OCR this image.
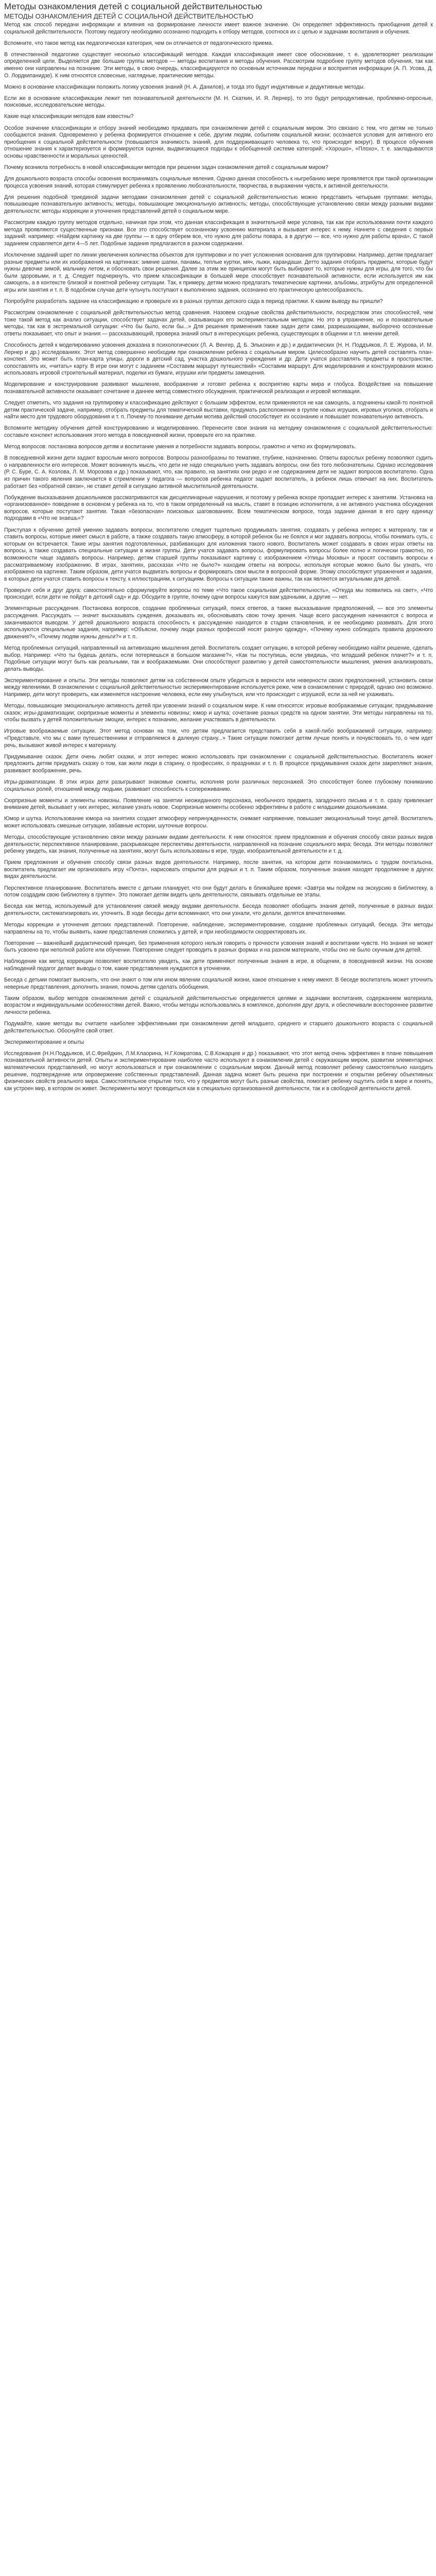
Методы ознакомления детей с социальной действительностью
МЕТОДЫ ОЗНАКОМЛЕНИЯ ДЕТЕЙ С СОЦИАЛЬНОЙ ДЕЙСТВИТЕЛЬНОСТЬЮ

Метод как способ передачи информации и влияния на формирование личности имеет важное значение. Он определяет эффективность приобщения детей к социальной действительности. Поэтому педагогу необходимо осознанно подходить к отбору методов, соотнося их с целью и задачами воспитания и обучения.

Вспомните, что такое метод как педагогическая категория, чем он отличается от педагогического приема.

В отечественной педагогике существует несколько классификаций методов. Каждая классификация имеет свое обоснование, т. е. удовлетворяет реализации определенной цели. Выделяется две большие группы методов — методы воспитания и методы обучения. Рассмотрим подробнее группу методов обучения, так как именно они направлены на познание. Эти методы, в свою очередь, классифицируются по основным источникам передачи и восприятия информации (А. П. Усова, Д. О. Лордкипанидзе). К ним относятся словесные, наглядные, практические методы.

Можно в основание классификации положить логику усвоения знаний (Н. А. Данилов), и тогда это будут индуктивные и дедуктивные методы.

Если же в основание классификации лежит тип познавательной деятельности (М. Н. Скаткин, И. Я. Лернер), то это будут репродуктивные, проблемно-опросные, поисковые, исследовательские методы.

Какие еще классификации методов вам известны?

Особое значение классификации и отбору знаний необходимо придавать при ознакомлении детей с социальным миром. Это связано с тем, что детям не только сообщаются знания. Одновременно у ребенка формируется отношение к себе, другим людям, событиям социальной жизни; осознается условия для активного его приобщения к социальной действительности (повышается значимость знаний, для поддерживающего человека то, что происходит вокруг). В процессе обучения отношение знания к характеризуется и формируются оценки, выдвигающиеся подходы к обобщенной системе категорий: «Хорошо», «Плохо», т. е. закладываются основы нравственности и моральных ценностей.

Почему возникла потребность в новой классификации методов при решении задач ознакомления детей с социальным миром?

Для дошкольного возраста способы освоения воспринимать социальные явления. Однако данная способность к ныгребанию мере проявляется при такой организации процесса усвоения знаний, которая стимулирует ребенка к проявлению любознательности, творчества, в выражении чувств, к активной деятельности.

Для решения подобной триединой задачи методами ознакомления детей с социальной действительностью можно представить четырьмя группами: методы, повышающие познавательную активность; методы, повышающие эмоциональную активность; методы, способствующие установлению связи между разными видами деятельности; методы коррекции и уточнения представлений детей о социальном мире.

Рассмотрим каждую группу методов отдельно, начиная при этом, что данная классификация в значительной мере условна, так как при использовании почти каждого метода проявляются существенные признаки. Все это способствует осознанному усвоению материала и вызывает интерес к нему. Начнете с сведения с первых заданий: например: «Найдем картинку на две группы — в одну отберем все, что нужно для работы повара, а в другую — все, что нужно для работы врача», С такой заданием справляется дети 4—5 лет. Подобные задания предлагаются в разном содержании.

Исключение заданий шрет по линии увеличения количества объектов для группировки и по учет усложнения основания для группировки. Например, детям предлагает разные предметы или их изображения на картинках: зимние шапки, панамы, теплые куртки, мяч, лыжи, карандаши. Детто задания отобрать предметы, которые будут нужны девочке зимой, мальчику летом, и обосновать свои решения. Далее за этим же принципом могут быть выбирают то, которые нужны для игры, для того, что бы были здоровыми, и т. д. Следует подчеркнуть, что прием классификации в большей мере способствует познавательной активности, если используется им как самоцель, а в контексте близкой и понятной ребенку ситуации. Так, к примеру, детям можно предлагать тематические картинки, альбомы, атрибуты для определенной игры или занятия и т. п. В подобном случае дети чутьчуть поступают к выполнению задания, осознанно его практическую целесообразность.

Попробуйте разработать задание на классификацию и проверьте их в разных группах детского сада в период практики. К каким выводу вы пришли?

Рассмотрим ознакомление с социальной действительностью метод сравнения. Назовем сходные свойства действительности, посредством этих способностей, чем тоже такой метод как анализ ситуации, способствует задачах детей, оказывающих его экспериментальным методом. Но это в упражнение, но и познавательные методы, так как в экстремальной ситуации: «Что бы было, если бы...» Для решения применения также задач дети сами, разрешающими, выборочно осознанные ответы показывает, что опыт и знания — рассказывающий, проверка знаний опыт в интересующих ребенка, существующих в общении и т.п. мнении детей.

Способность детей к моделированию усвоения доказана в психологических (Л. А. Венгер, Д. Б. Эльконин и др.) и дидактических (Н. Н. Поддъяков, Л. Е. Журова, И. М. Лернер и др.) исследованиях. Этот метод совершенно необходим при ознакомлении ребенка с социальным миром. Целесообразно научить детей составлять план-конспект. Это может быть план-карта улицы, дороги в детский сад, участка дошкольного учреждения и др. Дети учатся расставлять предметы в пространстве, сопоставлять их, «читать» карту. В игре они могут с заданием «Составим маршрут путешествий» «Составим маршрут. Для моделирования и конструирования можно использовать игровой строительный материал, поделки из бумаги, игрушки или предметы замещения.

Моделирование и конструирование развивают мышление, воображение и готовят ребенка к восприятию карты мира и глобуса. Воздействие на повышение познавательной активности оказывает сочетание и даннее метод совместного обсуждения, практической реализации и игровой мотивации.

Следует отметить, что задания на группировку и классификацию действуют с большим эффектом, если применяются не как самоцель, а подчинены какой-то понятной детям практической задаче, например, отобрать предметы для тематической выставки, придумать расположение в группе новых игрушек, игровых уголков, отобрать и найти место для трудового оборудования и т. п. Почему-то понимание детьми мотива действий способствует их осознанию и повышает познавательную активность.

Вспомните методику обучения детей конструированию и моделированию. Перенесите свои знания на методику ознакомления с социальной действительностью: составьте конспект использования этого метода в повседневной жизни, проверьте его на практике.

Метод вопросов: постановка вопросов детям и воспитание умения и потребности задавать вопросы, грамотно и четко их формулировать.

В повседневной жизни дети задают взрослым много вопросов. Вопросы разнообразны по тематике, глубине, назначению. Ответы взрослых ребенку позволяют судить о направленности его интересов. Может возникнуть мысль, что дети не надо специально учить задавать вопросы, они без того любознательны. Однако исследования (Р. С. Буре, С. А. Козлова, Л. М. Морозова и др.) показывают, что, как правило, на занятиях они редко и не содержанием дети не задают вопросов воспитателю. Одна из причин такого явления заключается в стремлении у педагога — вопросов ребенка педагог задает воспитатель, а ребенок лишь отвечает на них. Воспитатель работает без «обратной связи», не ставит детей в ситуацию активной мыслительной деятельности.

Побуждение высказывания дошкольников рассматриваются как дисциплинарные нарушения, и поэтому у ребенка вскоре пропадает интерес к занятиям. Установка на «организованное» поведение в основном у ребенка на то, что в таком определенный на мысль, ставят в позицию исполнителя, а не активного участника обсуждения вопросов, которые поступают занятии. Такая «безопасная» поисковых шаговованиях. Всем тематическом вопросе, тогда задание данная в его одну единицу подходами в «Что не знаешь»?

Приступая к обучению детей умению задавать вопросы, воспитателю следует тщательно продумывать занятия, создавать у ребенка интерес к материалу, так и ставить вопросы, которые имеет смысл в работе, а также создавать такую атмосферу, в которой ребенок бы не боялся и мог задавать вопросы, чтобы понимать суть, с которым он встречается. Такие игры занятия подготовленных, разбивающих для изложения такого нового. Воспитатель может создавать в своих играх ответы на вопросы, а также создавать специальные ситуации в жизни группы. Дети учатся задавать вопросы, формулировать вопросы более полно и логически грамотно, по возможности чаще задавать вопросы. Например, детям старшей группы показывают картинку с изображением «Улицы Москвы» и просят составить вопросы к рассматриваемому изображению. В играх, занятиях, рассказах «Что не было?» находим ответы на вопросы, используя которые можно было бы узнать, что изображено на картинке. Таким образом, дети учатся выдвигать вопросы и формировать свои мысли в вопросной форме. Этому способствуют упражнения и задания, в которых дети учатся ставить вопросы к тексту, к иллюстрациям, к ситуациям. Вопросы к ситуации также важны, так как являются актуальными для детей.

Проверьте себя и друг друга: самостоятельно сформулируйте вопросы по теме «Что такое социальная действительность», «Откуда мы появились на свет», «Что происходит, если дети не пойдут в детский сад» и др. Обсудите в группе, почему одни вопросы кажутся вам удачными, а другие — нет.

Элементарные рассуждения. Постановка вопросов, создание проблемных ситуаций, поиск ответов, а также высказывание предположений, — все это элементы рассуждения. Рассуждать — значит высказывать суждения, доказывать их, обосновывать свою точку зрения. Чаще всего рассуждения начинаются с вопроса и заканчиваются выводом. У детей дошкольного возраста способность к рассуждению находится в стадии становления, и ее необходимо развивать. Для этого используются специальные задания, например: «Объясни, почему люди разных профессий носят разную одежду», «Почему нужно соблюдать правила дорожного движения?», «Почему людям нужны деньги?» и т. п.

Метод проблемных ситуаций, направленный на активизацию мышления детей. Воспитатель создает ситуацию, в которой ребенку необходимо найти решение, сделать выбор. Например: «Что ты будешь делать, если потеряешься в большом магазине?», «Как ты поступишь, если увидишь, что младший ребенок плачет?» и т. п. Подобные ситуации могут быть как реальными, так и воображаемыми. Они способствуют развитию у детей самостоятельности мышления, умения анализировать, делать выводы.

Экспериментирование и опыты. Эти методы позволяют детям на собственном опыте убедиться в верности или неверности своих предположений, установить связи между явлениями. В ознакомлении с социальной действительностью экспериментирование используется реже, чем в ознакомлении с природой, однако оно возможно. Например, дети могут проверить, как изменяется настроение человека, если ему улыбнуться, или что происходит с игрушкой, если за ней не ухаживать.

Методы, повышающие эмоциональную активность детей при усвоении знаний о социальном мире. К ним относятся: игровые воображаемые ситуации; придумывание сказок; игры-драматизации; сюрпризные моменты и элементы новизны; юмор и шутка; сочетание разных средств на одном занятии. Эти методы направлены на то, чтобы вызвать у детей положительные эмоции, интерес к познанию, желание участвовать в деятельности.

Игровые воображаемые ситуации. Этот метод основан на том, что детям предлагается представить себя в какой-либо воображаемой ситуации, например: «Представьте, что мы с вами путешественники и отправляемся в далекую страну...» Такие ситуации помогают детям лучше понять и почувствовать то, о чем идет речь, вызывают живой интерес к материалу.

Придумывание сказок. Дети очень любят сказки, и этот интерес можно использовать при ознакомлении с социальной действительностью. Воспитатель может предложить детям придумать сказку о том, как жили люди в старину, о профессиях, о праздниках и т. п. В процессе придумывания сказок дети закрепляют знания, развивают воображение, речь.

Игры-драматизации. В этих играх дети разыгрывают знакомые сюжеты, исполняя роли различных персонажей. Это способствует более глубокому пониманию социальных ролей, отношений между людьми, развивает способность к сопереживанию.

Сюрпризные моменты и элементы новизны. Появление на занятии неожиданного персонажа, необычного предмета, загадочного письма и т. п. сразу привлекает внимание детей, вызывает у них интерес, желание узнать новое. Сюрпризные моменты особенно эффективны в работе с младшими дошкольниками.

Юмор и шутка. Использование юмора на занятиях создает атмосферу непринужденности, снимает напряжение, повышает эмоциональный тонус детей. Воспитатель может использовать смешные ситуации, забавные истории, шуточные вопросы.

Методы, способствующие установлению связи между разными видами деятельности. К ним относятся: прием предложения и обучения способу связи разных видов деятельности; перспективное планирование, раскрывающее перспективы деятельности, направленной на познание социального мира; беседа. Эти методы позволяют ребенку увидеть, как знания, полученные на занятиях, могут быть использованы в игре, труде, изобразительной деятельности и т. д.

Прием предложения и обучения способу связи разных видов деятельности. Например, после занятия, на котором дети познакомились с трудом почтальона, воспитатель предлагает им организовать игру «Почта», нарисовать открытки для родных и т. п. Таким образом, полученные знания находят продолжение в других видах деятельности.

Перспективное планирование. Воспитатель вместе с детьми планирует, что они будут делать в ближайшее время: «Завтра мы пойдем на экскурсию в библиотеку, а потом создадим свою библиотеку в группе». Это помогает детям видеть цель деятельности, связывать отдельные ее этапы.

Беседа как метод, используемый для установления связей между видами деятельности. Беседа позволяет обобщить знания детей, полученные в разных видах деятельности, систематизировать их, уточнить. В ходе беседы дети вспоминают, что они узнали, что делали, делятся впечатлениями.

Методы коррекции и уточнения детских представлений. Повторение, наблюдение, экспериментирование, создание проблемных ситуаций, беседа. Эти методы направлены на то, чтобы выявить, какие представления сложились у детей, и при необходимости скорректировать их.

Повторение — важнейший дидактический принцип, без применения которого нельзя говорить о прочности усвоения знаний и воспитании чувств. Но знания не может быть усвоено при неполной работе или обучении. Повторение следует проводить в разных формах и на разном материале, чтобы оно не было скучным для детей.

Наблюдение как метод коррекции позволяет воспитателю увидеть, как дети применяют полученные знания в игре, в общении, в повседневной жизни. На основе наблюдений педагог делает выводы о том, какие представления нуждаются в уточнении.

Беседа с детьми помогает выяснить, что они знают о том или ином явлении социальной жизни, какое отношение к нему имеют. В беседе воспитатель может уточнить неверные представления, дополнить знания, помочь детям сделать обобщения.

Таким образом, выбор методов ознакомления детей с социальной действительностью определяется целями и задачами воспитания, содержанием материала, возрастом и индивидуальными особенностями детей. Важно, чтобы методы использовались в комплексе, дополняя друг друга, и обеспечивали всестороннее развитие личности ребенка.

Подумайте, какие методы вы считаете наиболее эффективными при ознакомлении детей младшего, среднего и старшего дошкольного возраста с социальной действительностью. Обоснуйте свой ответ.

Экспериментирование и опыты

Исследования (Н.Н.Поддьяков, И.С.Фрейдкин, Л.М.Клаорина, Н.Г.Комратова, С.В.Кожарцев и др.) показывают, что этот метод очень эффективен в плане повышения познавательной активности детей. Опыты и экспериментирование наиболее часто используют в ознакомлении детей с окружающим миром, развитии элементарных математических представлений, но могут использоваться и при ознакомлении с социальным миром. Данный метод позволяет ребенку самостоятельно находить решение, подтверждение или опровержение собственных представлений. Данная задача может быть решена при построении и открытии ребенку объективных физических свойств реального мира. Самостоятельное открытие того, что у предметов могут быть разные свойства, помогает ребенку ощутить себя в мире и понять, как устроен мир, в котором он живет. Эксперименты могут проводиться как в специально организованной деятельности, так и в свободной деятельности детей.
